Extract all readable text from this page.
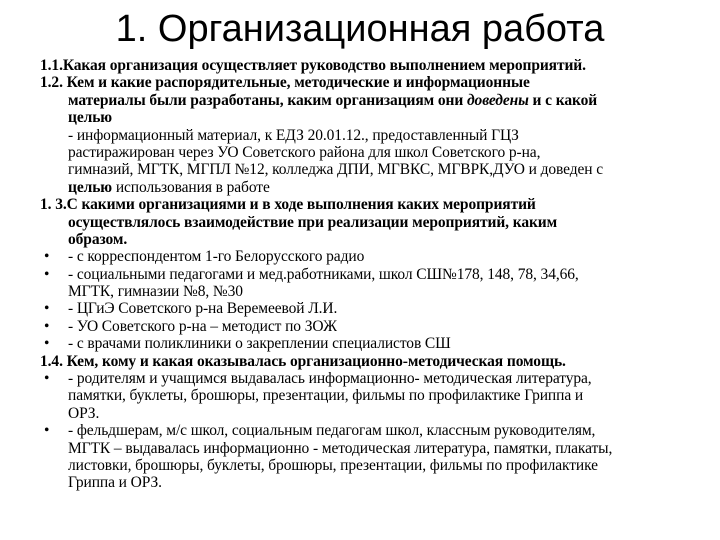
1. Организационная работа
1.1.Какая организация осуществляет руководство выполнением мероприятий.
1.2. Кем и какие распорядительные, методические и информационные
материалы были разработаны, каким организациям они доведены и с какой
целью
- информационный материал, к ЕДЗ 20.01.12., предоставленный ГЦЗ
растиражирован через УО Советского района для школ Советского р-на,
гимназий, МГТК, МГПЛ №12, колледжа ДПИ, МГВКС, МГВРК,ДУО и доведен с
целью использования в работе
1. 3.С какими организациями и в ходе выполнения каких мероприятий
осуществлялось взаимодействие при реализации мероприятий, каким
образом.
• - с корреспондентом 1-го Белорусского радио
• - социальными педагогами и мед.работниками, школ СШ№178, 148, 78, 34,66,
МГТК, гимназии №8, №30
• - ЦГиЭ Советского р-на Веремеевой Л.И.
• - УО Советского р-на – методист по ЗОЖ
• - с врачами поликлиники о закреплении специалистов СШ
1.4. Кем, кому и какая оказывалась организационно-методическая помощь.
• - родителям и учащимся выдавалась информационно- методическая литература,
памятки, буклеты, брошюры, презентации, фильмы по профилактике Гриппа и
ОРЗ.
• - фельдшерам, м/с школ, социальным педагогам школ, классным руководителям,
МГТК – выдавалась информационно - методическая литература, памятки, плакаты,
листовки, брошюры, буклеты, брошюры, презентации, фильмы по профилактике
Гриппа и ОРЗ.
